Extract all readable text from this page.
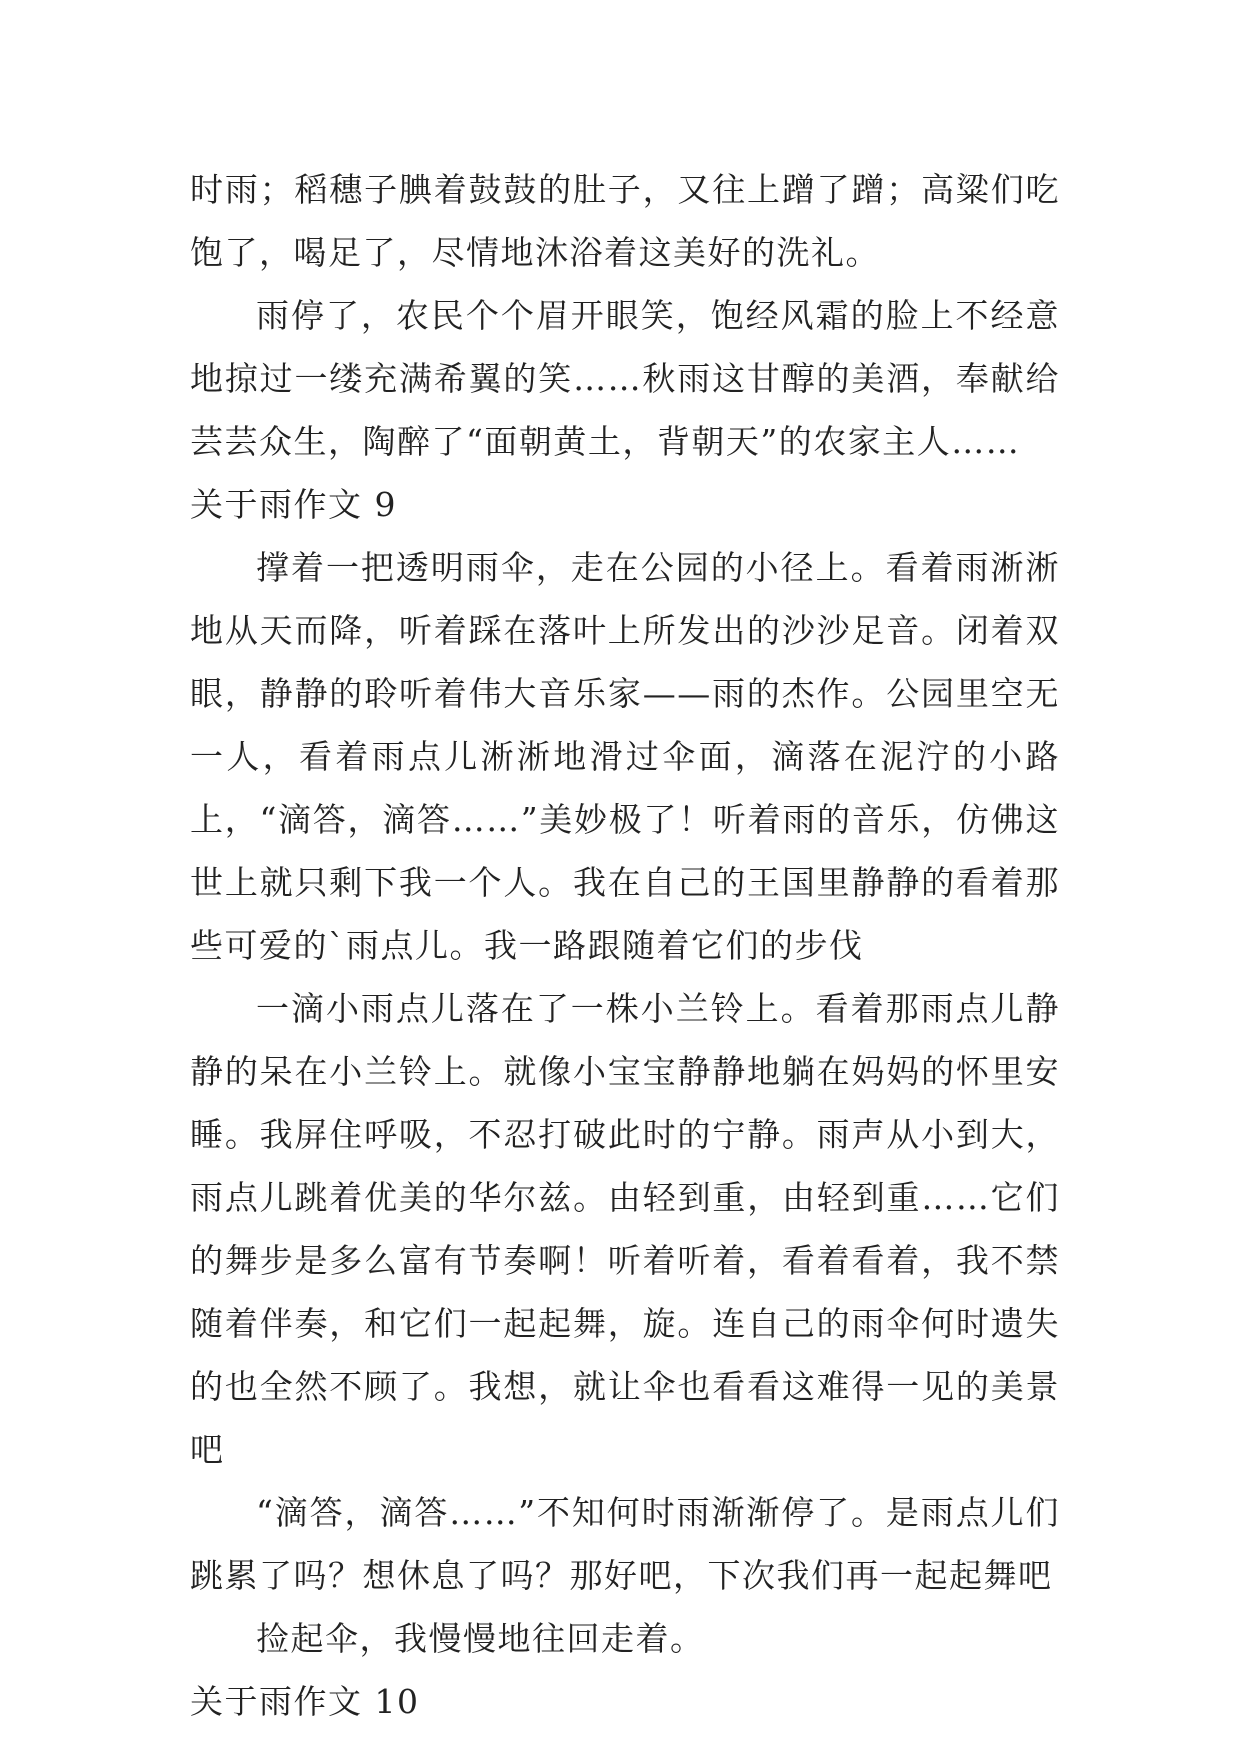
时雨；稻穗子腆着鼓鼓的肚子，又往上蹭了蹭；高粱们吃饱了，喝足了，尽情地沐浴着这美好的洗礼。

雨停了，农民个个眉开眼笑，饱经风霜的脸上不经意地掠过一缕充满希翼的笑……秋雨这甘醇的美酒，奉献给芸芸众生，陶醉了“面朝黄土，背朝天”的农家主人……

关于雨作文 9

撑着一把透明雨伞，走在公园的小径上。看着雨淅淅地从天而降，听着踩在落叶上所发出的沙沙足音。闭着双眼，静静的聆听着伟大音乐家——雨的杰作。公园里空无一人，看着雨点儿淅淅地滑过伞面，滴落在泥泞的小路上，“滴答，滴答……”美妙极了！听着雨的音乐，仿佛这世上就只剩下我一个人。我在自己的王国里静静的看着那些可爱的`雨点儿。我一路跟随着它们的步伐

一滴小雨点儿落在了一株小兰铃上。看着那雨点儿静静的呆在小兰铃上。就像小宝宝静静地躺在妈妈的怀里安睡。我屏住呼吸，不忍打破此时的宁静。雨声从小到大，雨点儿跳着优美的华尔兹。由轻到重，由轻到重……它们的舞步是多么富有节奏啊！听着听着，看着看着，我不禁随着伴奏，和它们一起起舞，旋。连自己的雨伞何时遗失的也全然不顾了。我想，就让伞也看看这难得一见的美景吧

“滴答，滴答……”不知何时雨渐渐停了。是雨点儿们跳累了吗？想休息了吗？那好吧，下次我们再一起起舞吧

捡起伞，我慢慢地往回走着。

关于雨作文 10
